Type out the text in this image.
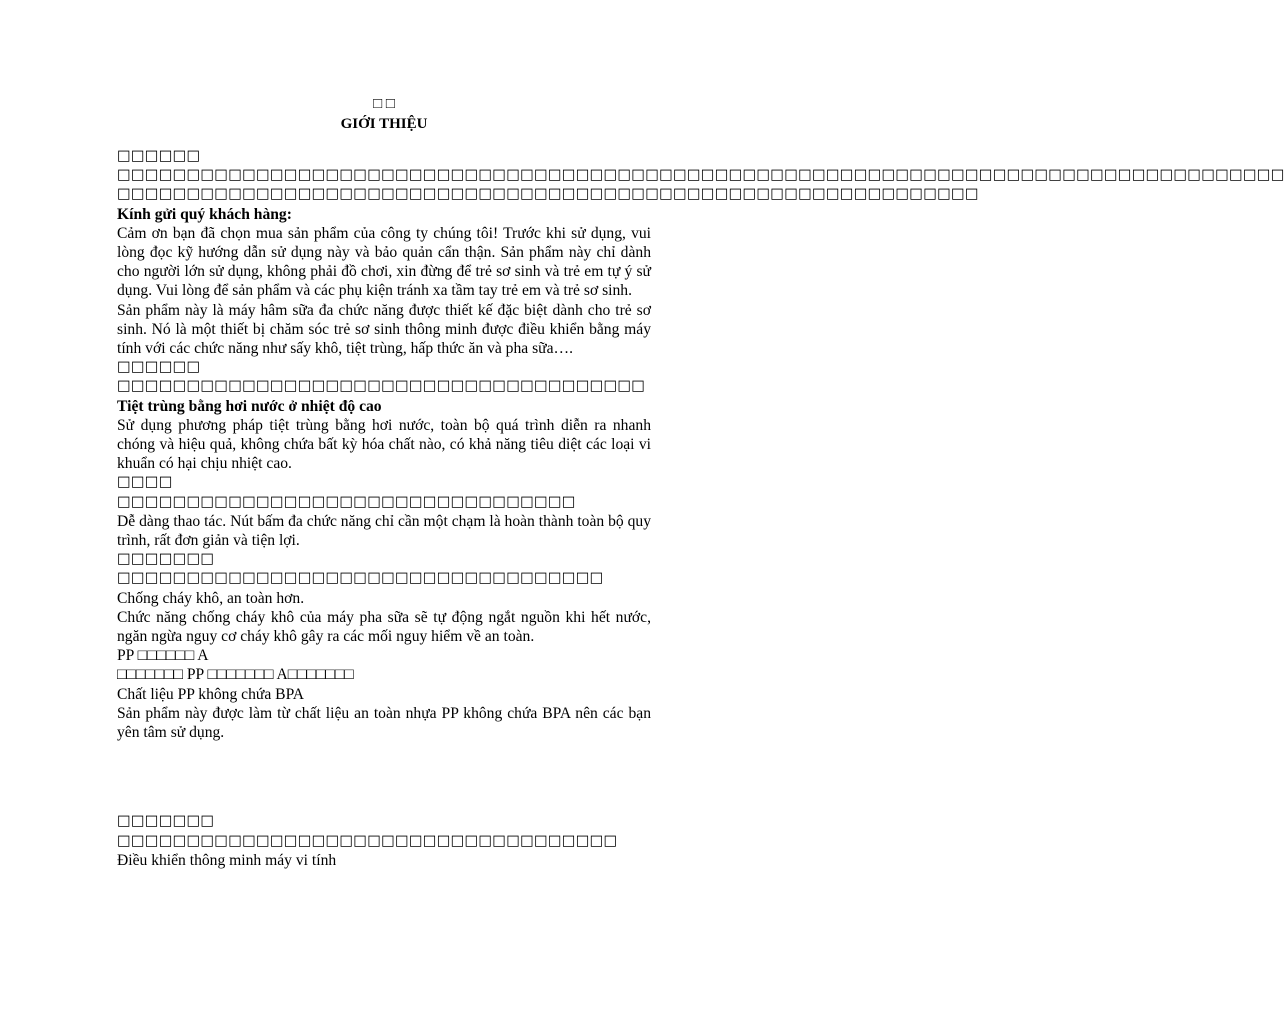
□ □
GIỚI THIỆU

□□□□□□

□□□□□□□□□□□□□□□□□□□□□□□□□□□□□□□□□□□□□□□□□□□□□□□□□□□□□□□□□□□□□□□□□□□□□□□□□□□□□□□□□□□□

□□□□□□□□□□□□□□□□□□□□□□□□□□□□□□□□□□□□□□□□□□□□□□□□□□□□□□□□□□□□□□

Kính gửi quý khách hàng:

Cảm ơn bạn đã chọn mua sản phẩm của công ty chúng tôi! Trước khi sử dụng, vui lòng đọc kỹ hướng dẫn sử dụng này và bảo quản cẩn thận. Sản phẩm này chỉ dành cho người lớn sử dụng, không phải đồ chơi, xin đừng để trẻ sơ sinh và trẻ em tự ý sử dụng. Vui lòng để sản phẩm và các phụ kiện tránh xa tầm tay trẻ em và trẻ sơ sinh.

Sản phẩm này là máy hâm sữa đa chức năng được thiết kế đặc biệt dành cho trẻ sơ sinh. Nó là một thiết bị chăm sóc trẻ sơ sinh thông minh được điều khiển bằng máy tính với các chức năng như sấy khô, tiệt trùng, hấp thức ăn và pha sữa….

□□□□□□

□□□□□□□□□□□□□□□□□□□□□□□□□□□□□□□□□□□□□□

Tiệt trùng bằng hơi nước ở nhiệt độ cao

Sử dụng phương pháp tiệt trùng bằng hơi nước, toàn bộ quá trình diễn ra nhanh chóng và hiệu quả, không chứa bất kỳ hóa chất nào, có khả năng tiêu diệt các loại vi khuẩn có hại chịu nhiệt cao.

□□□□

□□□□□□□□□□□□□□□□□□□□□□□□□□□□□□□□□

Dễ dàng thao tác. Nút bấm đa chức năng chỉ cần một chạm là hoàn thành toàn bộ quy trình, rất đơn giản và tiện lợi.

□□□□□□□

□□□□□□□□□□□□□□□□□□□□□□□□□□□□□□□□□□□

Chống cháy khô, an toàn hơn.

Chức năng chống cháy khô của máy pha sữa sẽ tự động ngắt nguồn khi hết nước, ngăn ngừa nguy cơ cháy khô gây ra các mối nguy hiểm về an toàn.

PP □□□□□□ A

□□□□□□□ PP □□□□□□□ A□□□□□□□

Chất liệu PP không chứa BPA

Sản phẩm này được làm từ chất liệu an toàn nhựa PP không chứa BPA nên các bạn yên tâm sử dụng.

□□□□□□□

□□□□□□□□□□□□□□□□□□□□□□□□□□□□□□□□□□□□

Điều khiển thông minh máy vi tính
